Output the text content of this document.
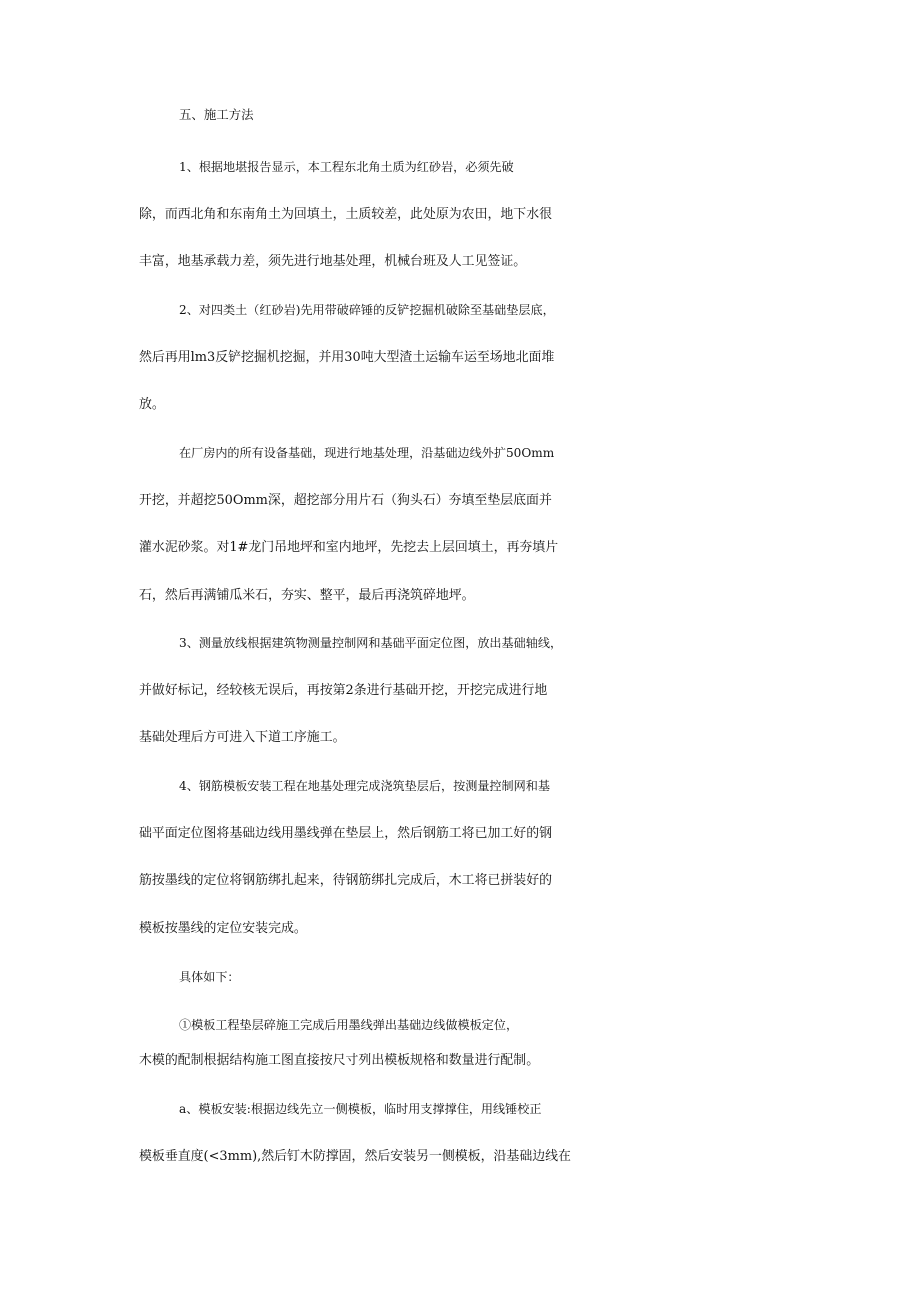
五、施工方法
1、根据地堪报告显示，本工程东北角土质为红砂岩，必须先破
除，而西北角和东南角土为回填土，土质较差，此处原为农田，地下水很
丰富，地基承载力差，须先进行地基处理，机械台班及人工见签证。
2、对四类土（红砂岩)先用带破碎锤的反铲挖掘机破除至基础垫层底，
然后再用lm3反铲挖掘机挖掘，并用30吨大型渣土运输车运至场地北面堆
放。
在厂房内的所有设备基础，现进行地基处理，沿基础边线外扩50Omm
开挖，并超挖50Omm深，超挖部分用片石（狗头石）夯填至垫层底面并
灌水泥砂浆。对1#龙门吊地坪和室内地坪，先挖去上层回填土，再夯填片
石，然后再满铺瓜米石，夯实、整平，最后再浇筑碎地坪。
3、测量放线根据建筑物测量控制网和基础平面定位图，放出基础轴线，
并做好标记，经较核无误后，再按第2条进行基础开挖，开挖完成进行地
基础处理后方可进入下道工序施工。
4、钢筋模板安装工程在地基处理完成浇筑垫层后，按测量控制网和基
础平面定位图将基础边线用墨线弹在垫层上，然后钢筋工将已加工好的钢
筋按墨线的定位将钢筋绑扎起来，待钢筋绑扎完成后，木工将已拼装好的
模板按墨线的定位安装完成。
具体如下：
①模板工程垫层碎施工完成后用墨线弹出基础边线做模板定位，
木模的配制根据结构施工图直接按尺寸列出模板规格和数量进行配制。
a、模板安装:根据边线先立一侧模板，临时用支撑撑住，用线锤校正
模板垂直度(<3mm),然后钉木防撑固，然后安装另一侧模板，沿基础边线在
